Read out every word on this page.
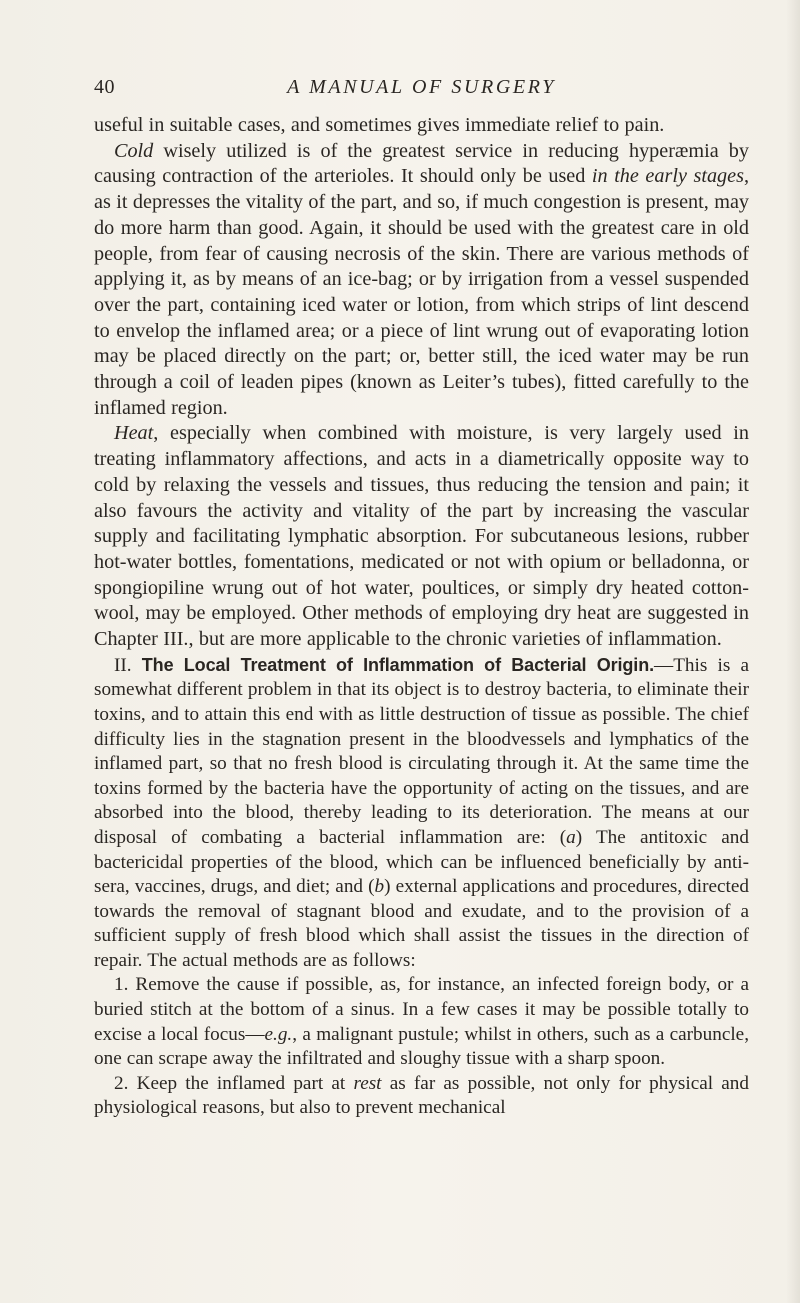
40	A MANUAL OF SURGERY

useful in suitable cases, and sometimes gives immediate relief to pain.

Cold wisely utilized is of the greatest service in reducing hyperæmia by causing contraction of the arterioles. It should only be used in the early stages, as it depresses the vitality of the part, and so, if much congestion is present, may do more harm than good. Again, it should be used with the greatest care in old people, from fear of causing necrosis of the skin. There are various methods of applying it, as by means of an ice-bag; or by irrigation from a vessel suspended over the part, containing iced water or lotion, from which strips of lint descend to envelop the inflamed area; or a piece of lint wrung out of evaporating lotion may be placed directly on the part; or, better still, the iced water may be run through a coil of leaden pipes (known as Leiter’s tubes), fitted carefully to the inflamed region.

Heat, especially when combined with moisture, is very largely used in treating inflammatory affections, and acts in a diametrically opposite way to cold by relaxing the vessels and tissues, thus reducing the tension and pain; it also favours the activity and vitality of the part by increasing the vascular supply and facilitating lymphatic absorption. For subcutaneous lesions, rubber hot-water bottles, fomentations, medicated or not with opium or belladonna, or spongiopiline wrung out of hot water, poultices, or simply dry heated cotton-wool, may be employed. Other methods of employing dry heat are suggested in Chapter III., but are more applicable to the chronic varieties of inflammation.

II. The Local Treatment of Inflammation of Bacterial Origin.—This is a somewhat different problem in that its object is to destroy bacteria, to eliminate their toxins, and to attain this end with as little destruction of tissue as possible. The chief difficulty lies in the stagnation present in the bloodvessels and lymphatics of the inflamed part, so that no fresh blood is circulating through it. At the same time the toxins formed by the bacteria have the opportunity of acting on the tissues, and are absorbed into the blood, thereby leading to its deterioration. The means at our disposal of combating a bacterial inflammation are: (a) The antitoxic and bactericidal properties of the blood, which can be influenced beneficially by anti-sera, vaccines, drugs, and diet; and (b) external applications and procedures, directed towards the removal of stagnant blood and exudate, and to the provision of a sufficient supply of fresh blood which shall assist the tissues in the direction of repair. The actual methods are as follows:

1. Remove the cause if possible, as, for instance, an infected foreign body, or a buried stitch at the bottom of a sinus. In a few cases it may be possible totally to excise a local focus—e.g., a malignant pustule; whilst in others, such as a carbuncle, one can scrape away the infiltrated and sloughy tissue with a sharp spoon.

2. Keep the inflamed part at rest as far as possible, not only for physical and physiological reasons, but also to prevent mechanical
